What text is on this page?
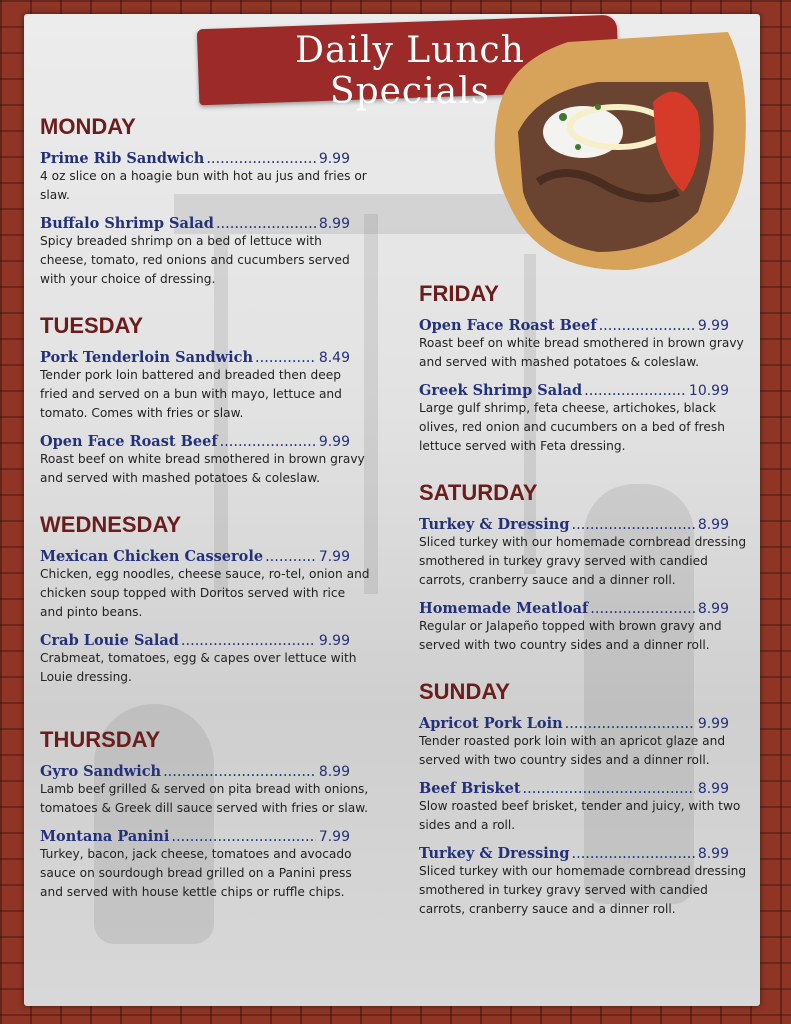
Daily Lunch Specials
MONDAY
Prime Rib Sandwich .....	9.99
4 oz slice on a hoagie bun with hot au jus and fries or slaw.
Buffalo Shrimp Salad .....	8.99
Spicy breaded shrimp on a bed of lettuce with cheese, tomato, red onions and cucumbers served with your choice of dressing.
TUESDAY
Pork Tenderloin Sandwich .....	8.49
Tender pork loin battered and breaded then deep fried and served on a bun with mayo, lettuce and tomato. Comes with fries or slaw.
Open Face Roast Beef .....	9.99
Roast beef on white bread smothered in brown gravy and served with mashed potatoes & coleslaw.
WEDNESDAY
Mexican Chicken Casserole .....	7.99
Chicken, egg noodles, cheese sauce, ro-tel, onion and chicken soup topped with Doritos served with rice and pinto beans.
Crab Louie Salad .....	9.99
Crabmeat, tomatoes, egg & capes over lettuce with Louie dressing.
THURSDAY
Gyro Sandwich .....	8.99
Lamb beef grilled & served on pita bread with onions, tomatoes & Greek dill sauce served with fries or slaw.
Montana Panini .....	7.99
Turkey, bacon, jack cheese, tomatoes and avocado sauce on sourdough bread grilled on a Panini press and served with house kettle chips or ruffle chips.
FRIDAY
Open Face Roast Beef .....	9.99
Roast beef on white bread smothered in brown gravy and served with mashed potatoes & coleslaw.
Greek Shrimp Salad .....	10.99
Large gulf shrimp, feta cheese, artichokes, black olives, red onion and cucumbers on a bed of fresh lettuce served with Feta dressing.
SATURDAY
Turkey & Dressing .....	8.99
Sliced turkey with our homemade cornbread dressing smothered in turkey gravy served with candied carrots, cranberry sauce and a dinner roll.
Homemade Meatloaf .....	8.99
Regular or Jalapeño topped with brown gravy and served with two country sides and a dinner roll.
SUNDAY
Apricot Pork Loin .....	9.99
Tender roasted pork loin with an apricot glaze and served with two country sides and a dinner roll.
Beef Brisket .....	8.99
Slow roasted beef brisket, tender and juicy, with two sides and a roll.
Turkey & Dressing .....	8.99
Sliced turkey with our homemade cornbread dressing smothered in turkey gravy served with candied carrots, cranberry sauce and a dinner roll.
